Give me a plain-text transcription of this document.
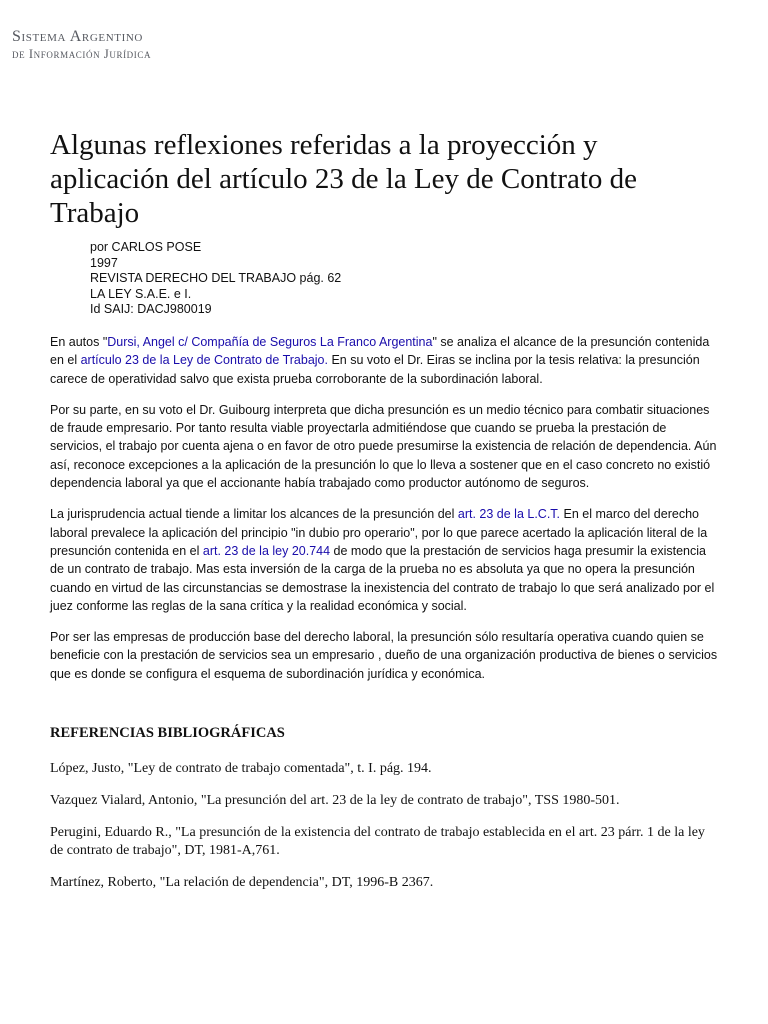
Sistema Argentino
de Información Jurídica
Algunas reflexiones referidas a la proyección y aplicación del artículo 23 de la Ley de Contrato de Trabajo
por CARLOS POSE
1997
REVISTA DERECHO DEL TRABAJO pág. 62
LA LEY S.A.E. e I.
Id SAIJ: DACJ980019

En autos "Dursi, Angel c/ Compañía de Seguros La Franco Argentina" se analiza el alcance de la presunción contenida en el artículo 23 de la Ley de Contrato de Trabajo. En su voto el Dr. Eiras se inclina por la tesis relativa: la presunción carece de operatividad salvo que exista prueba corroborante de la subordinación laboral.

Por su parte, en su voto el Dr. Guibourg interpreta que dicha presunción es un medio técnico para combatir situaciones de fraude empresario. Por tanto resulta viable proyectarla admitiéndose que cuando se prueba la prestación de servicios, el trabajo por cuenta ajena o en favor de otro puede presumirse la existencia de relación de dependencia. Aún así, reconoce excepciones a la aplicación de la presunción lo que lo lleva a sostener que en el caso concreto no existió dependencia laboral ya que el accionante había trabajado como productor autónomo de seguros.

La jurisprudencia actual tiende a limitar los alcances de la presunción del art. 23 de la L.C.T. En el marco del derecho laboral prevalece la aplicación del principio "in dubio pro operario", por lo que parece acertado la aplicación literal de la presunción contenida en el art. 23 de la ley 20.744 de modo que la prestación de servicios haga presumir la existencia de un contrato de trabajo. Mas esta inversión de la carga de la prueba no es absoluta ya que no opera la presunción cuando en virtud de las circunstancias se demostrase la inexistencia del contrato de trabajo lo que será analizado por el juez conforme las reglas de la sana crítica y la realidad económica y social.

Por ser las empresas de producción base del derecho laboral, la presunción sólo resultaría operativa cuando quien se beneficie con la prestación de servicios sea un empresario , dueño de una organización productiva de bienes o servicios que es donde se configura el esquema de subordinación jurídica y económica.

REFERENCIAS BIBLIOGRÁFICAS

López, Justo, "Ley de contrato de trabajo comentada", t. I. pág. 194.

Vazquez Vialard, Antonio, "La presunción del art. 23 de la ley de contrato de trabajo", TSS 1980-501.

Perugini, Eduardo R., "La presunción de la existencia del contrato de trabajo establecida en el art. 23 párr. 1 de la ley de contrato de trabajo", DT, 1981-A,761.

Martínez, Roberto, "La relación de dependencia", DT, 1996-B 2367.
